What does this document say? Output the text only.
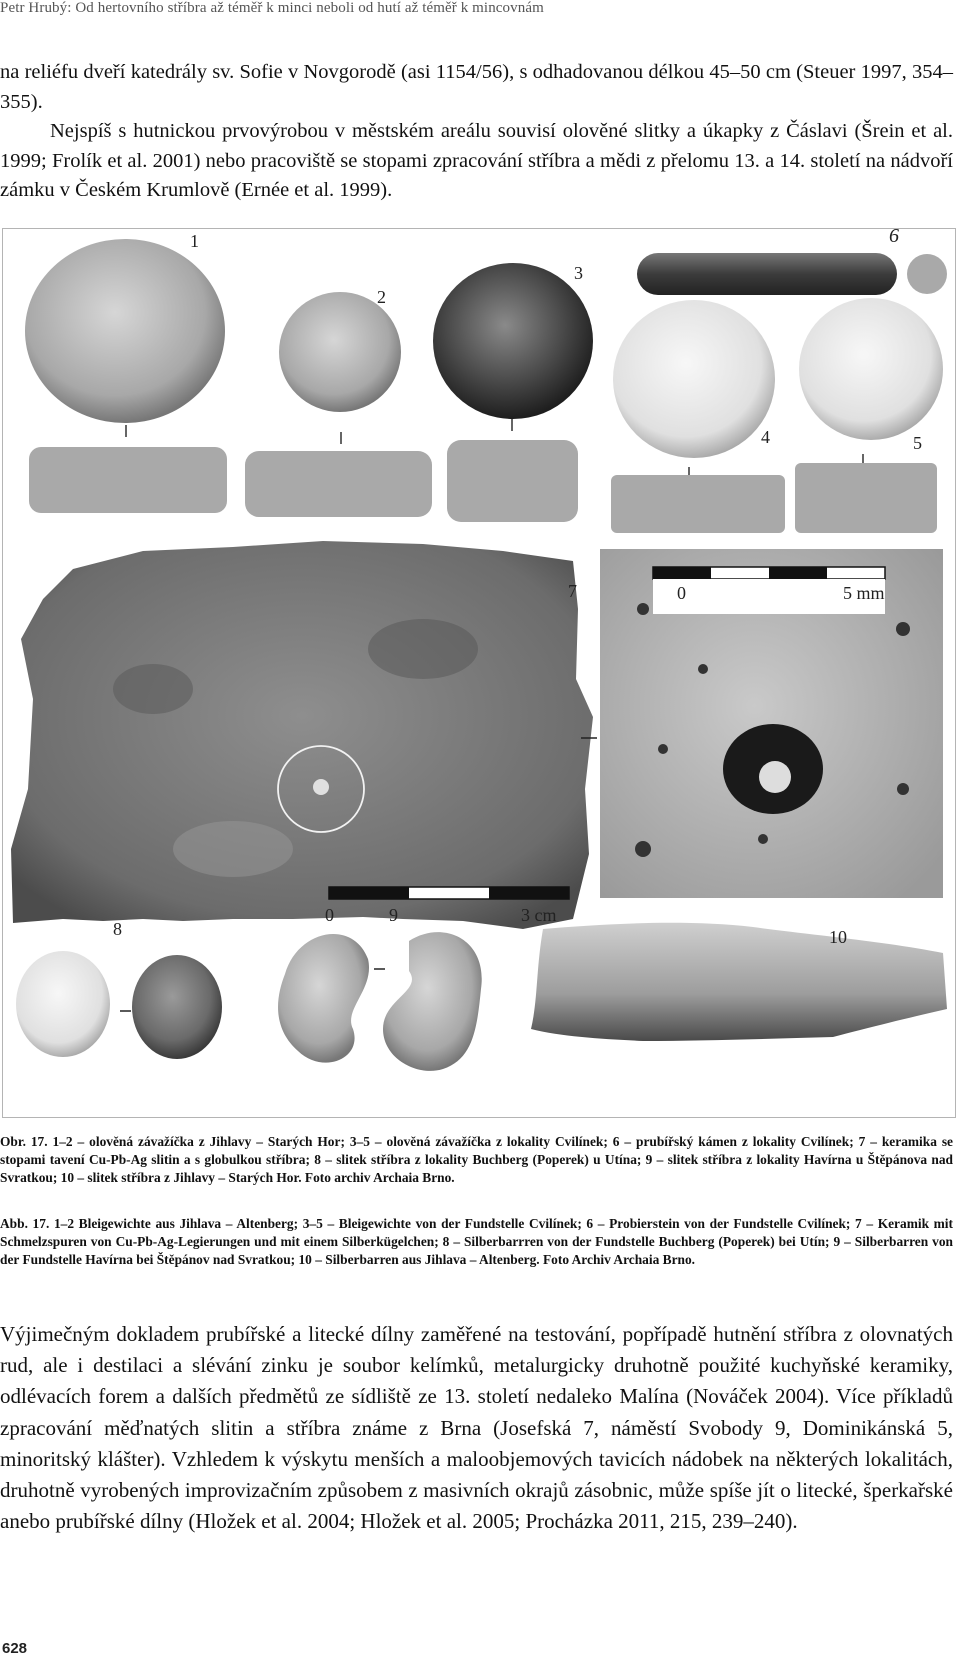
Petr Hrubý: Od hertovního stříbra až téměř k minci neboli od hutí až téměř k mincovnám
na reliéfu dveří katedrály sv. Sofie v Novgorodě (asi 1154/56), s odhadovanou délkou 45–50 cm (Steuer 1997, 354–355).
Nejspíš s hutnickou prvovýrobou v městském areálu souvisí olověné slitky a úkapky z Čáslavi (Šrein et al. 1999; Frolík et al. 2001) nebo pracoviště se stopami zpracování stříbra a mědi z přelomu 13. a 14. století na nádvoří zámku v Českém Krumlově (Ernée et al. 1999).
1
2
3
4	5
6
7
8
9
10
0	5 mm
0	3 cm
Obr. 17. 1–2 – olověná závažíčka z Jihlavy – Starých Hor; 3–5 – olověná závažíčka z lokality Cvilínek; 6 – prubířský kámen z lokality Cvilínek; 7 – keramika se stopami tavení Cu-Pb-Ag slitin a s globulkou stříbra; 8 – slitek stříbra z lokality Buchberg (Poperek) u Utína; 9 – slitek stříbra z lokality Havírna u Štěpánova nad Svratkou; 10 – slitek stříbra z Jihlavy – Starých Hor. Foto archiv Archaia Brno.
Abb. 17. 1–2 Bleigewichte aus Jihlava – Altenberg; 3–5 – Bleigewichte von der Fundstelle Cvilínek; 6 – Probierstein von der Fundstelle Cvilínek; 7 – Keramik mit Schmelzspuren von Cu-Pb-Ag-Legierungen und mit einem Silberkügelchen; 8 – Silberbarrren von der Fundstelle Buchberg (Poperek) bei Utín; 9 – Silberbarren von der Fundstelle Havírna bei Štěpánov nad Svratkou; 10 – Silberbarren aus Jihlava – Altenberg. Foto Archiv Archaia Brno.
Výjimečným dokladem prubířské a litecké dílny zaměřené na testování, popřípadě hutnění stříbra z olovnatých rud, ale i destilaci a slévání zinku je soubor kelímků, metalurgicky druhotně použité kuchyňské keramiky, odlévacích forem a dalších předmětů ze sídliště ze 13. století nedaleko Malína (Nováček 2004). Více příkladů zpracování měďnatých slitin a stříbra známe z Brna (Josefská 7, náměstí Svobody 9, Dominikánská 5, minoritský klášter). Vzhledem k výskytu menších a maloobjemových tavicích nádobek na některých lokalitách, druhotně vyrobených improvizačním způsobem z masivních okrajů zásobnic, může spíše jít o litecké, šperkařské anebo prubířské dílny (Hložek et al. 2004; Hložek et al. 2005; Procházka 2011, 215, 239–240).
628
